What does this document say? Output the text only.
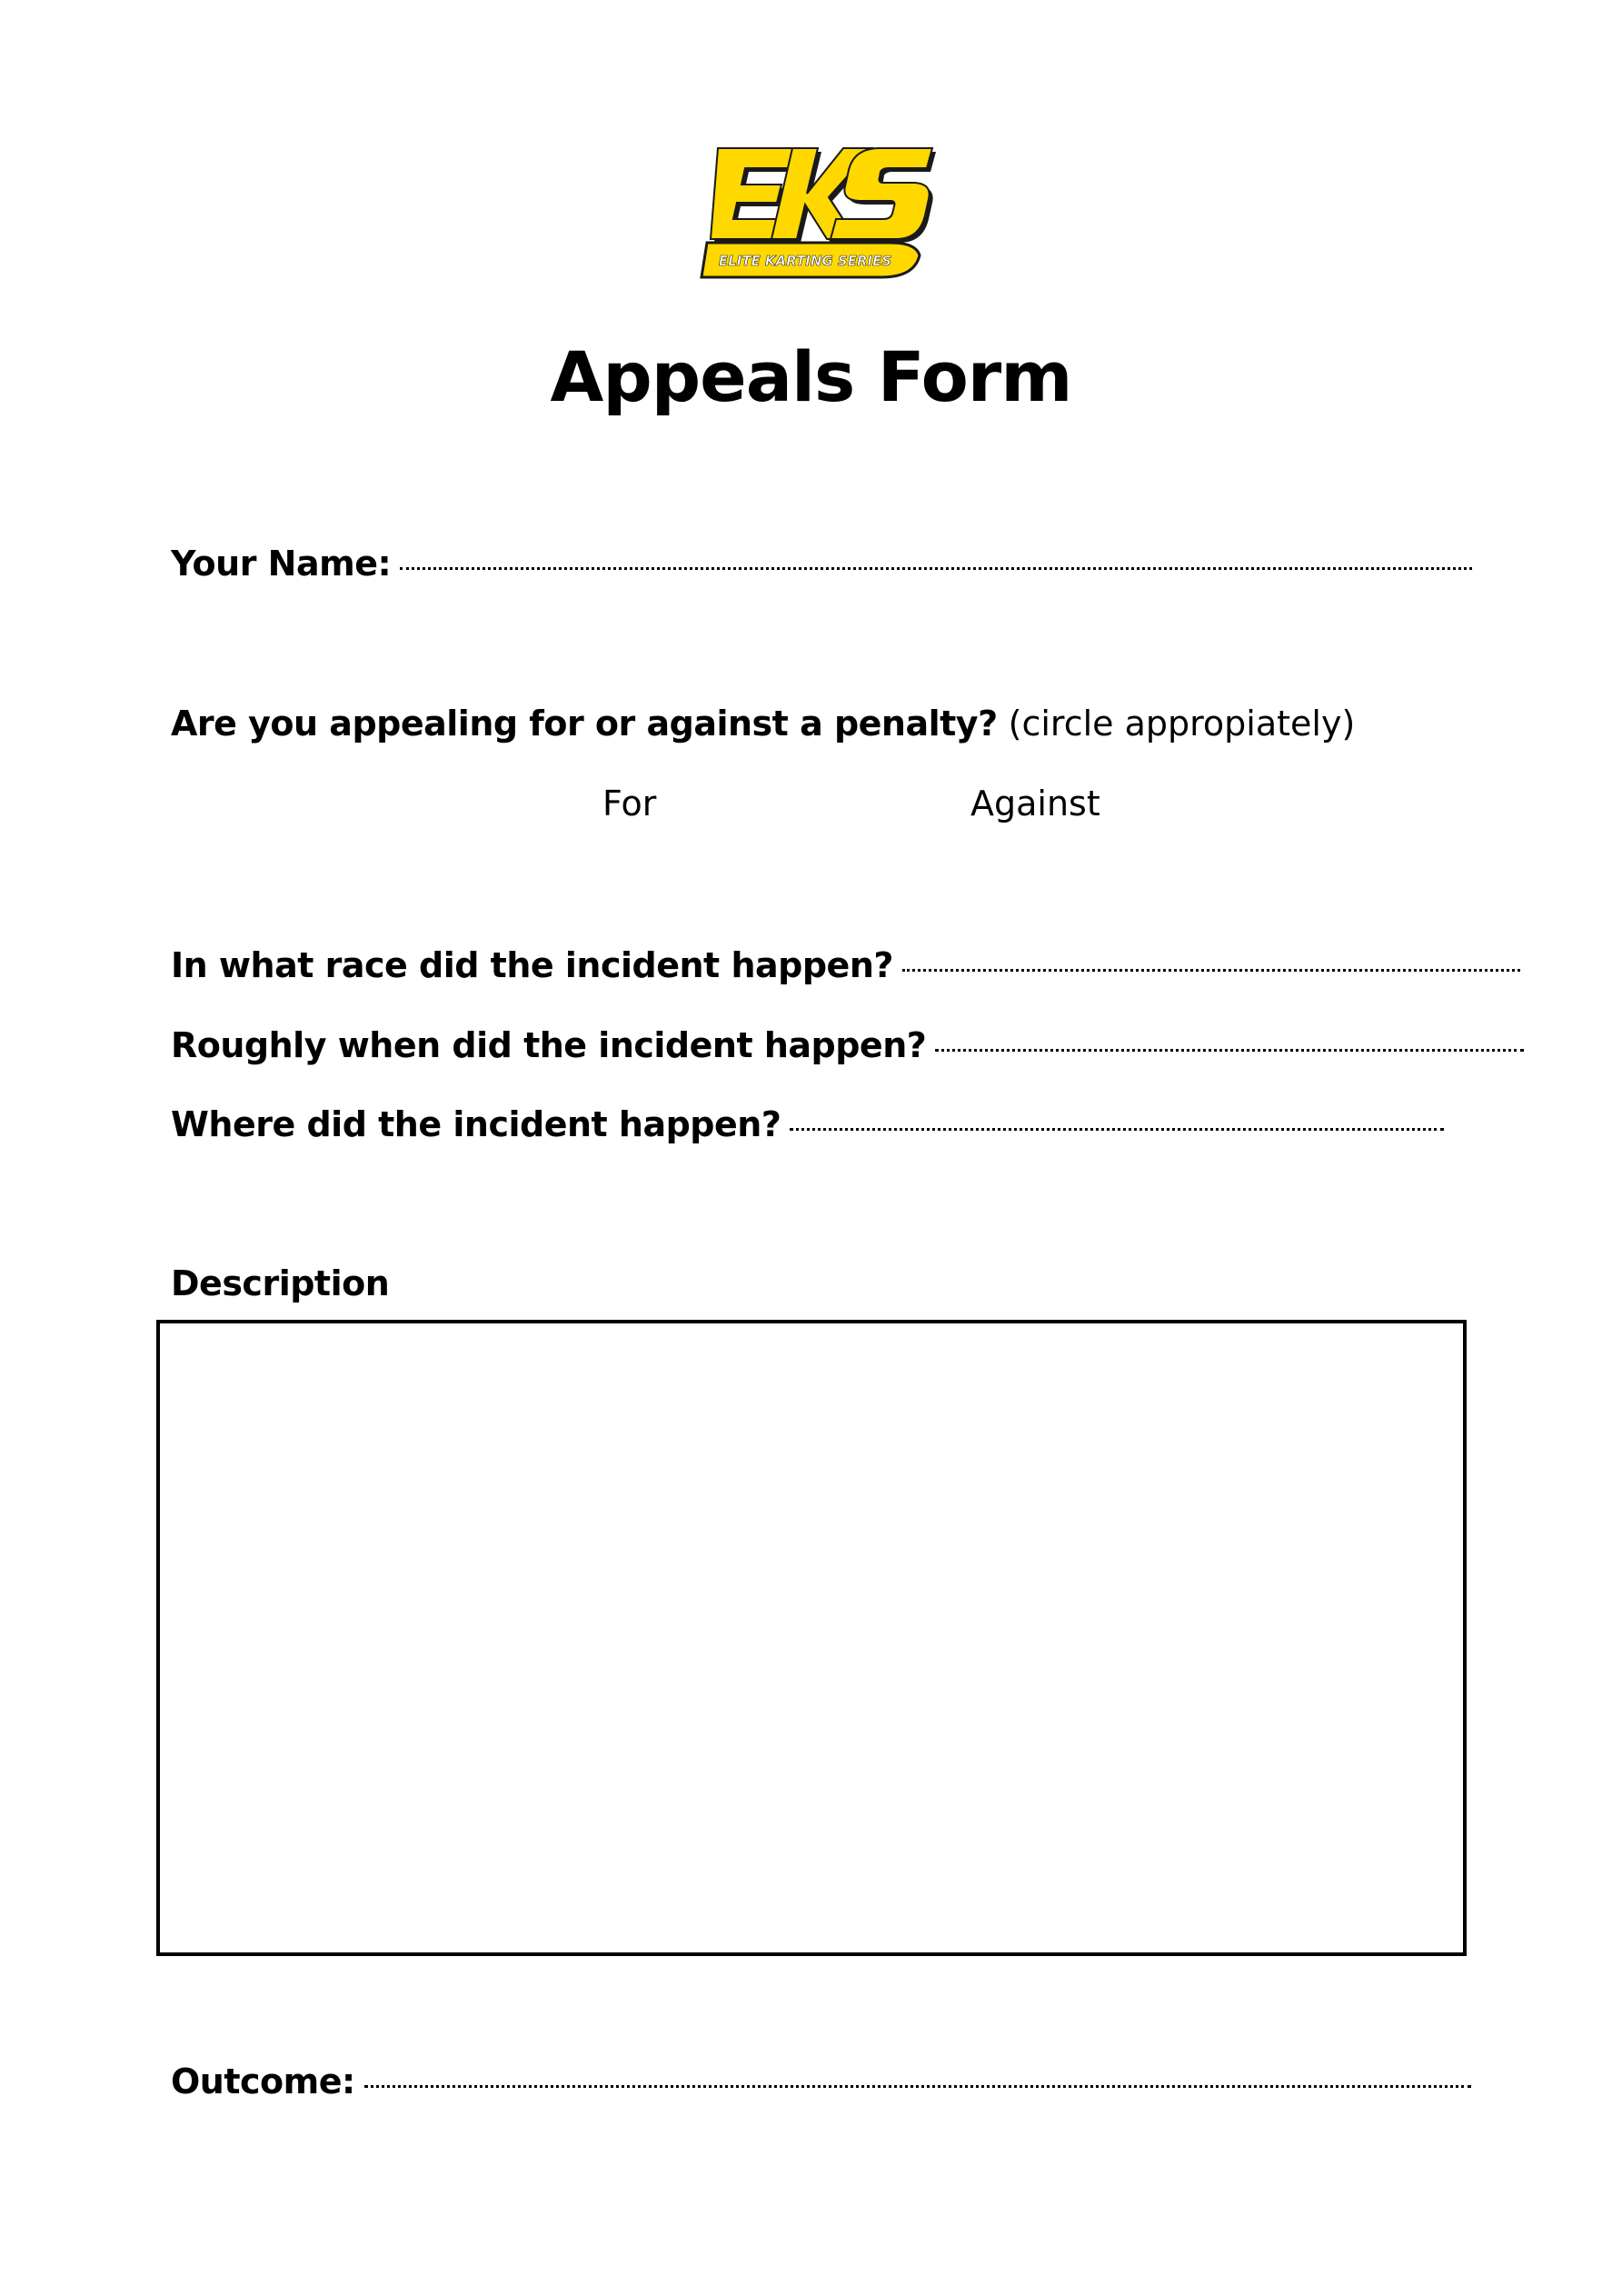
ELITE KARTING SERIES
Appeals Form
Your Name:
Are you appealing for or against a penalty? (circle appropiately)
For	Against
In what race did the incident happen?
Roughly when did the incident happen?
Where did the incident happen?
Description
Outcome:
